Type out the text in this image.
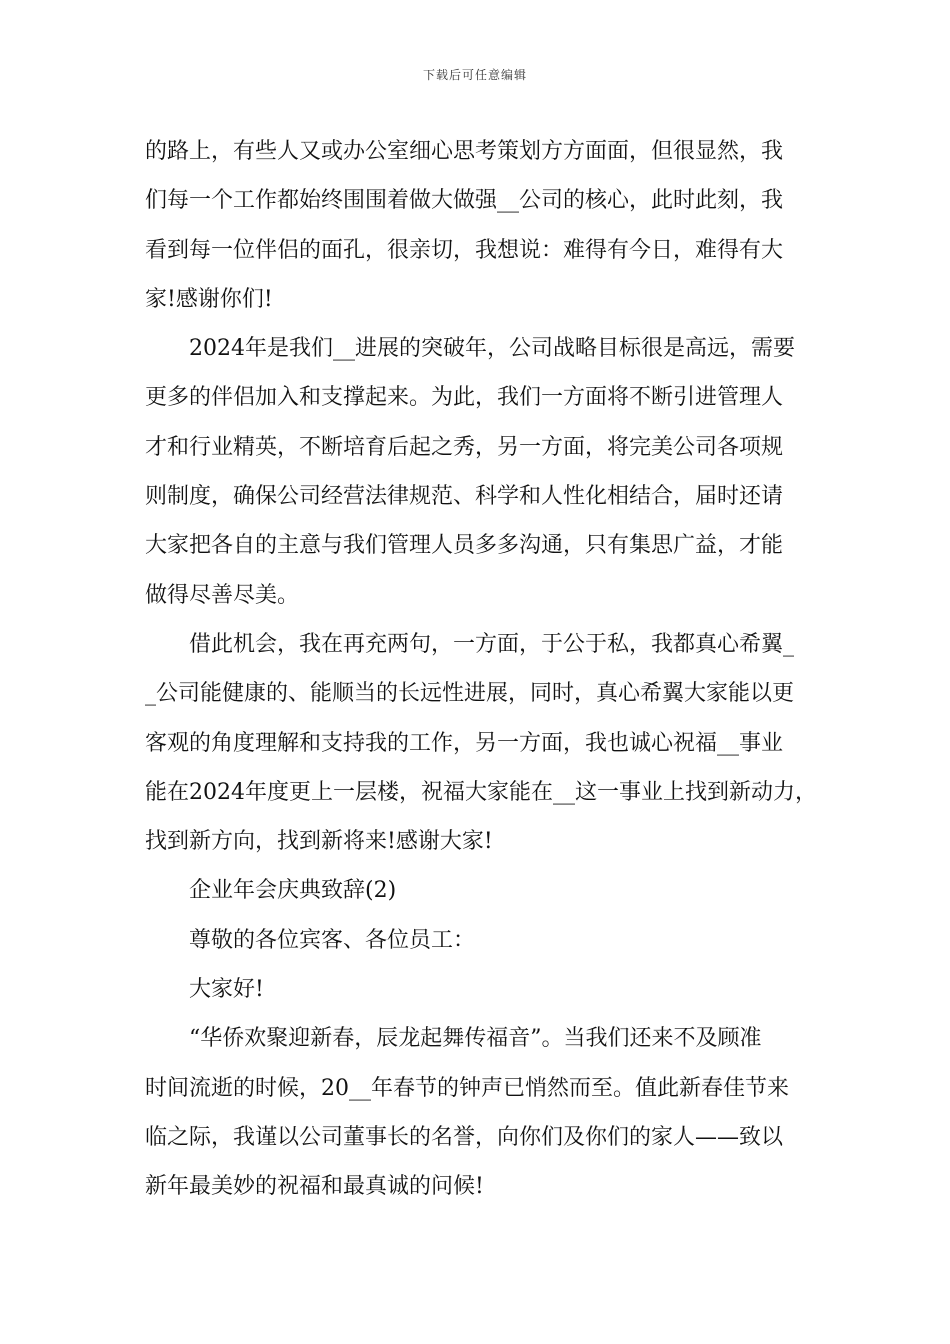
下载后可任意编辑
的路上，有些人又或办公室细心思考策划方方面面，但很显然，我
们每一个工作都始终围围着做大做强__公司的核心，此时此刻，我
看到每一位伴侣的面孔，很亲切，我想说：难得有今日，难得有大
家!感谢你们!
2024年是我们__进展的突破年，公司战略目标很是高远，需要
更多的伴侣加入和支撑起来。为此，我们一方面将不断引进管理人
才和行业精英，不断培育后起之秀，另一方面，将完美公司各项规
则制度，确保公司经营法律规范、科学和人性化相结合，届时还请
大家把各自的主意与我们管理人员多多沟通，只有集思广益，才能
做得尽善尽美。
借此机会，我在再充两句，一方面，于公于私，我都真心希翼_
_公司能健康的、能顺当的长远性进展，同时，真心希翼大家能以更
客观的角度理解和支持我的工作，另一方面，我也诚心祝福__事业
能在2024年度更上一层楼，祝福大家能在__这一事业上找到新动力，
找到新方向，找到新将来!感谢大家!
企业年会庆典致辞(2)
尊敬的各位宾客、各位员工：
大家好!
“华侨欢聚迎新春，辰龙起舞传福音”。当我们还来不及顾准
时间流逝的时候，20__年春节的钟声已悄然而至。值此新春佳节来
临之际，我谨以公司董事长的名誉，向你们及你们的家人——致以
新年最美妙的祝福和最真诚的问候!
